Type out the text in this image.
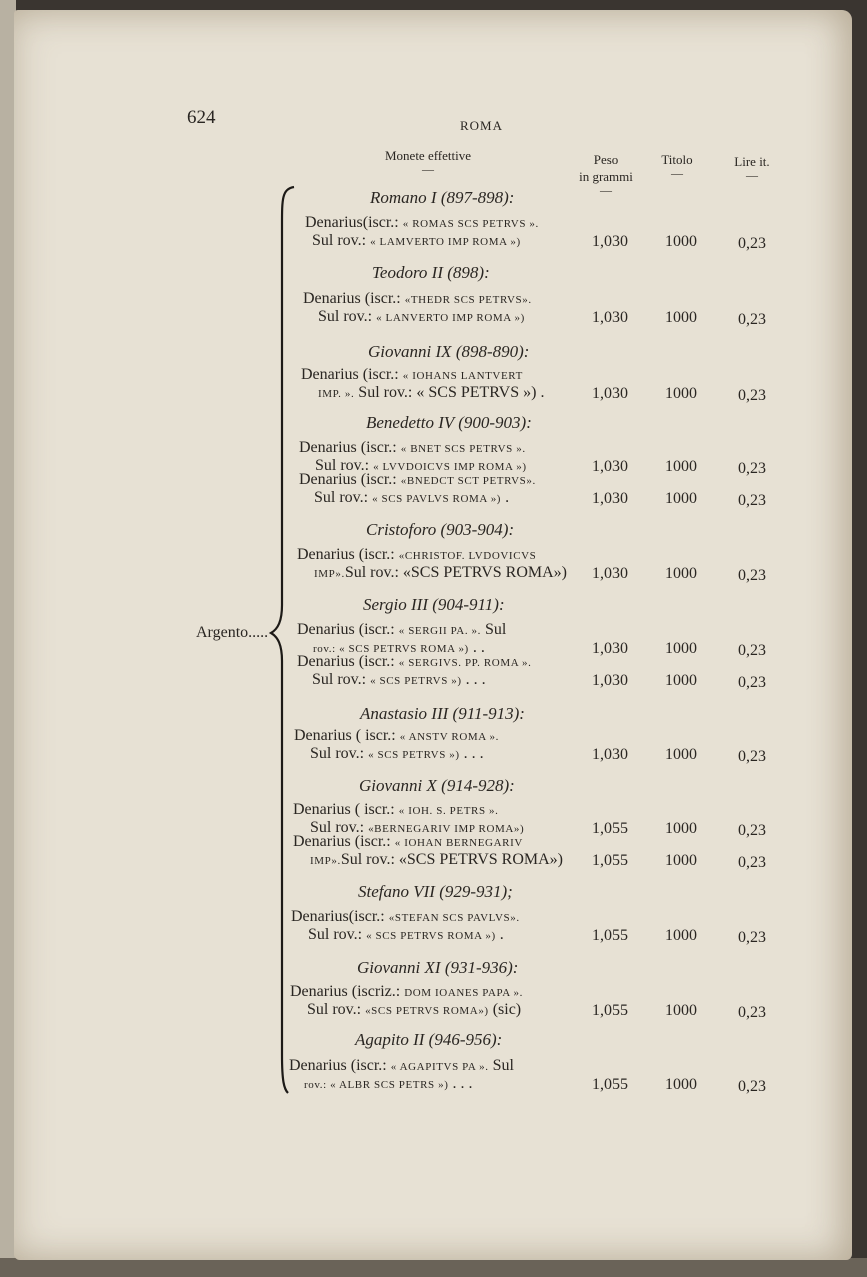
624	ROMA
Monete effettive
—
Peso
in grammi
—
Titolo
—
Lire it.
—
Argento.....
Romano I (897-898):
Denarius(iscr.: « ROMAS SCS PETRVS ».
Sul rov.: « LAMVERTO IMP ROMA »)	1,030	1000	0,23
Teodoro II (898):
Denarius (iscr.: «THEDR SCS PETRVS».
Sul rov.: « LANVERTO IMP ROMA »)	1,030	1000	0,23
Giovanni IX (898-890):
Denarius (iscr.: « IOHANS LANTVERT
IMP. ». Sul rov.: « SCS PETRVS ») .	1,030	1000	0,23
Benedetto IV (900-903):
Denarius (iscr.: « BNET SCS PETRVS ».
Sul rov.: « LVVDOICVS IMP ROMA »)	1,030	1000	0,23
Denarius (iscr.: «BNEDCT SCT PETRVS».
Sul rov.: « SCS PAVLVS ROMA ») .	1,030	1000	0,23
Cristoforo (903-904):
Denarius (iscr.: «CHRISTOF. LVDOVICVS
IMP».Sul rov.: «SCS PETRVS ROMA»)	1,030	1000	0,23
Sergio III (904-911):
Denarius (iscr.: « SERGII PA. ». Sul
rov.: « SCS PETRVS ROMA ») . .	1,030	1000	0,23
Denarius (iscr.: « SERGIVS. PP. ROMA ».
Sul rov.: « SCS PETRVS ») . . .	1,030	1000	0,23
Anastasio III (911-913):
Denarius ( iscr.: « ANSTV ROMA ».
Sul rov.: « SCS PETRVS ») . . .	1,030	1000	0,23
Giovanni X (914-928):
Denarius ( iscr.: « IOH. S. PETRS ».
Sul rov.: «BERNEGARIV IMP ROMA»)	1,055	1000	0,23
Denarius (iscr.: « IOHAN BERNEGARIV
IMP».Sul rov.: «SCS PETRVS ROMA»)	1,055	1000	0,23
Stefano VII (929-931);
Denarius(iscr.: «STEFAN SCS PAVLVS».
Sul rov.: « SCS PETRVS ROMA ») .	1,055	1000	0,23
Giovanni XI (931-936):
Denarius (iscriz.: DOM IOANES PAPA ».
Sul rov.: «SCS PETRVS ROMA») (sic)	1,055	1000	0,23
Agapito II (946-956):
Denarius (iscr.: « AGAPITVS PA ». Sul
rov.: « ALBR SCS PETRS ») . . .	1,055	1000	0,23
